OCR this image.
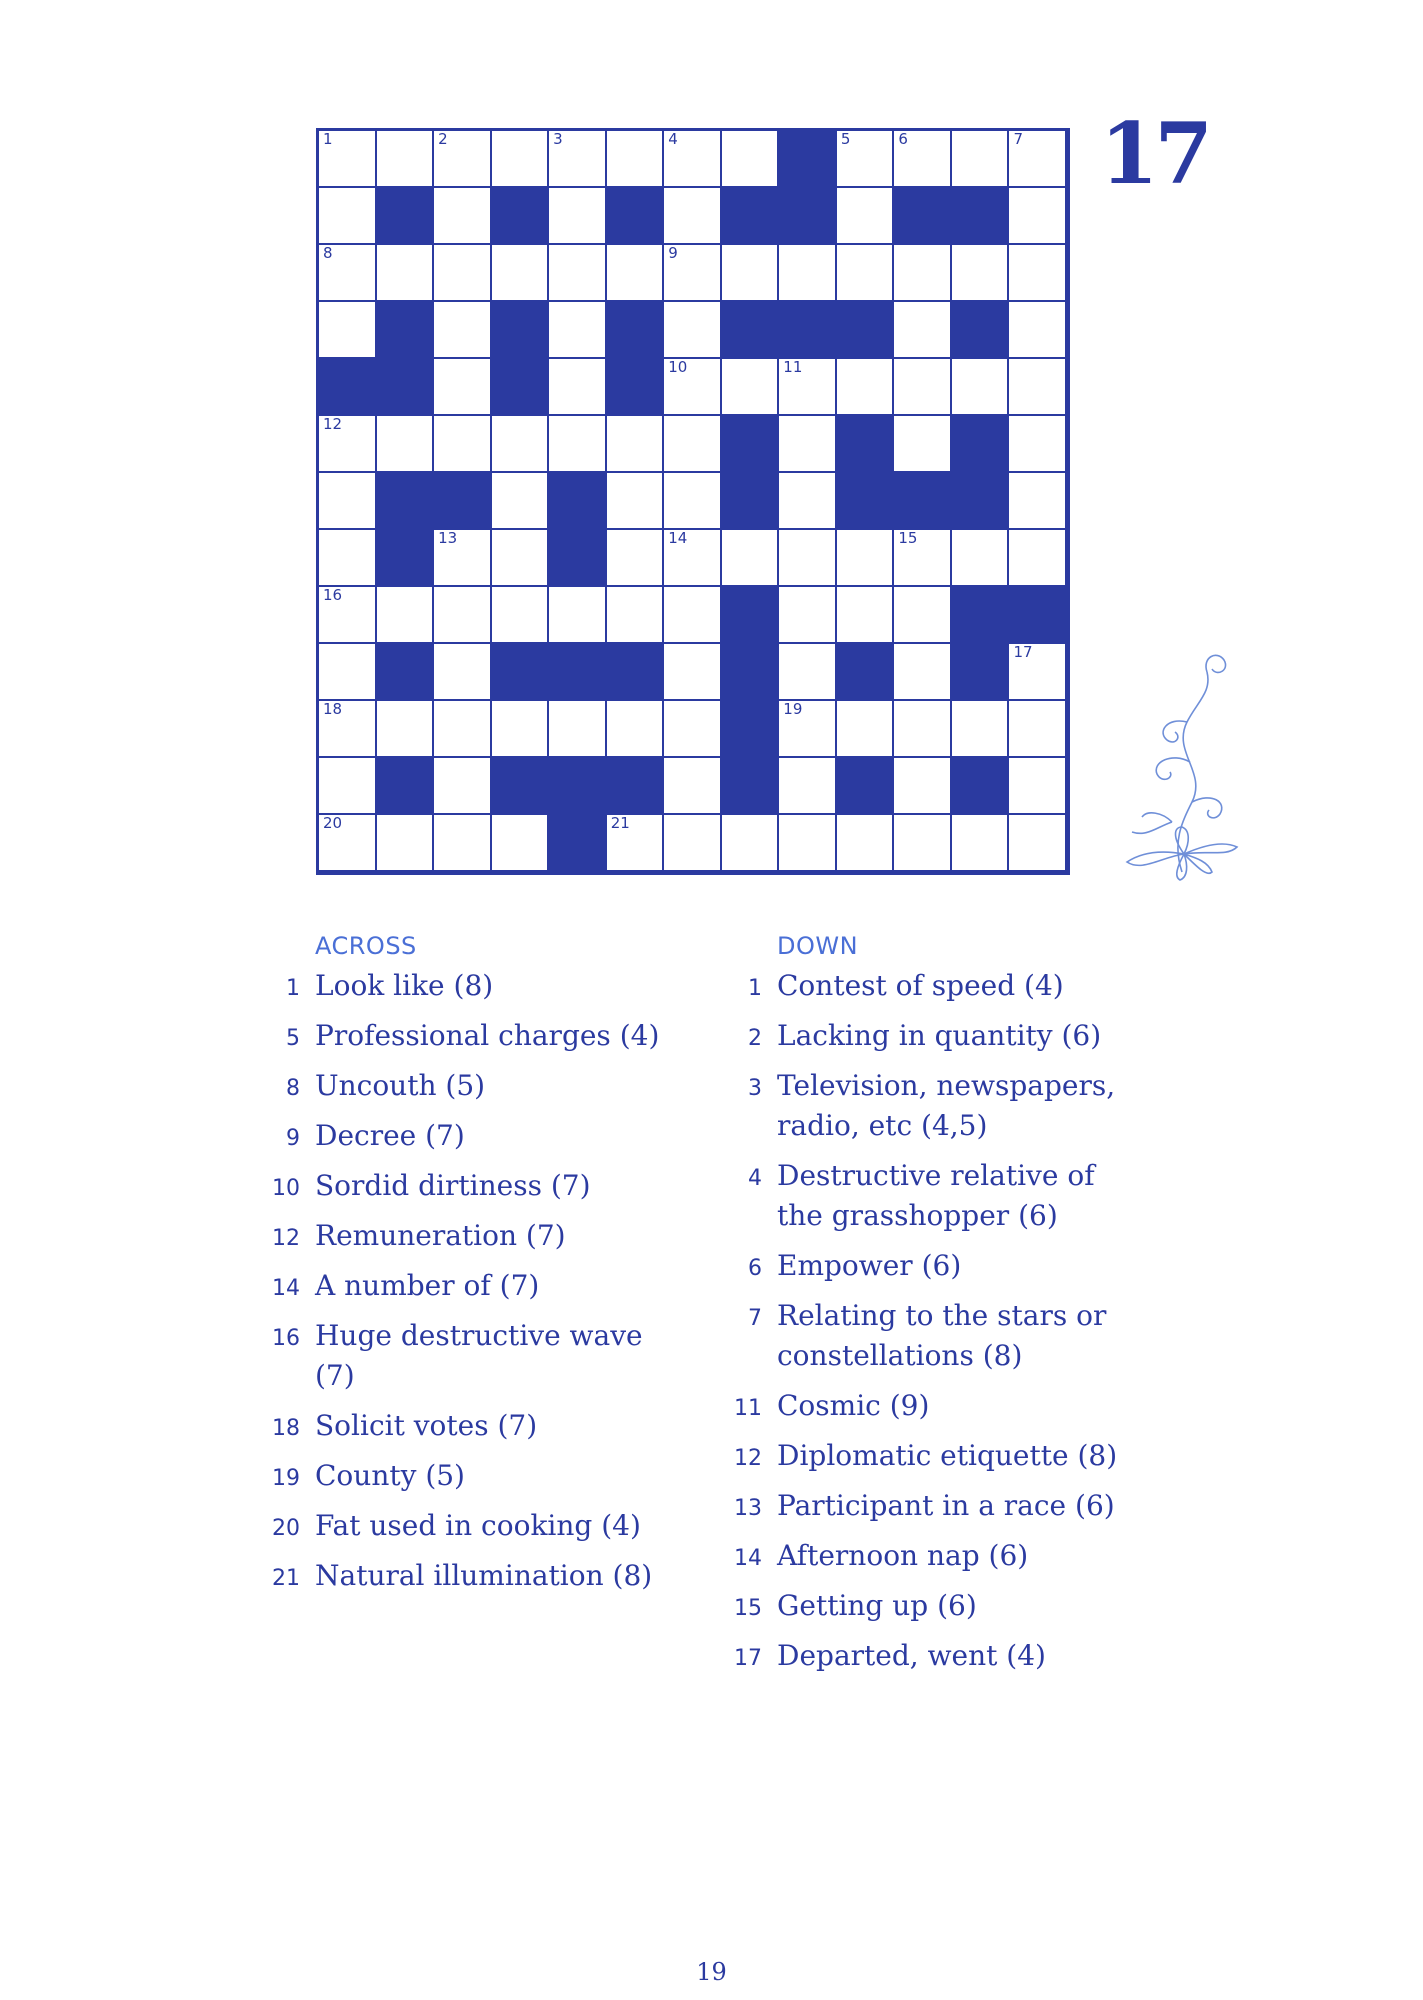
17
1	2	3	4	5	6	7
8	9
10	11
12
13	14	15
16
17
18	19
20	21
ACROSS
1 Look like (8)
5 Professional charges (4)
8 Uncouth (5)
9 Decree (7)
10 Sordid dirtiness (7)
12 Remuneration (7)
14 A number of (7)
16 Huge destructive wave (7)
18 Solicit votes (7)
19 County (5)
20 Fat used in cooking (4)
21 Natural illumination (8)
DOWN
1 Contest of speed (4)
2 Lacking in quantity (6)
3 Television, newspapers, radio, etc (4,5)
4 Destructive relative of the grasshopper (6)
6 Empower (6)
7 Relating to the stars or constellations (8)
11 Cosmic (9)
12 Diplomatic etiquette (8)
13 Participant in a race (6)
14 Afternoon nap (6)
15 Getting up (6)
17 Departed, went (4)
19
